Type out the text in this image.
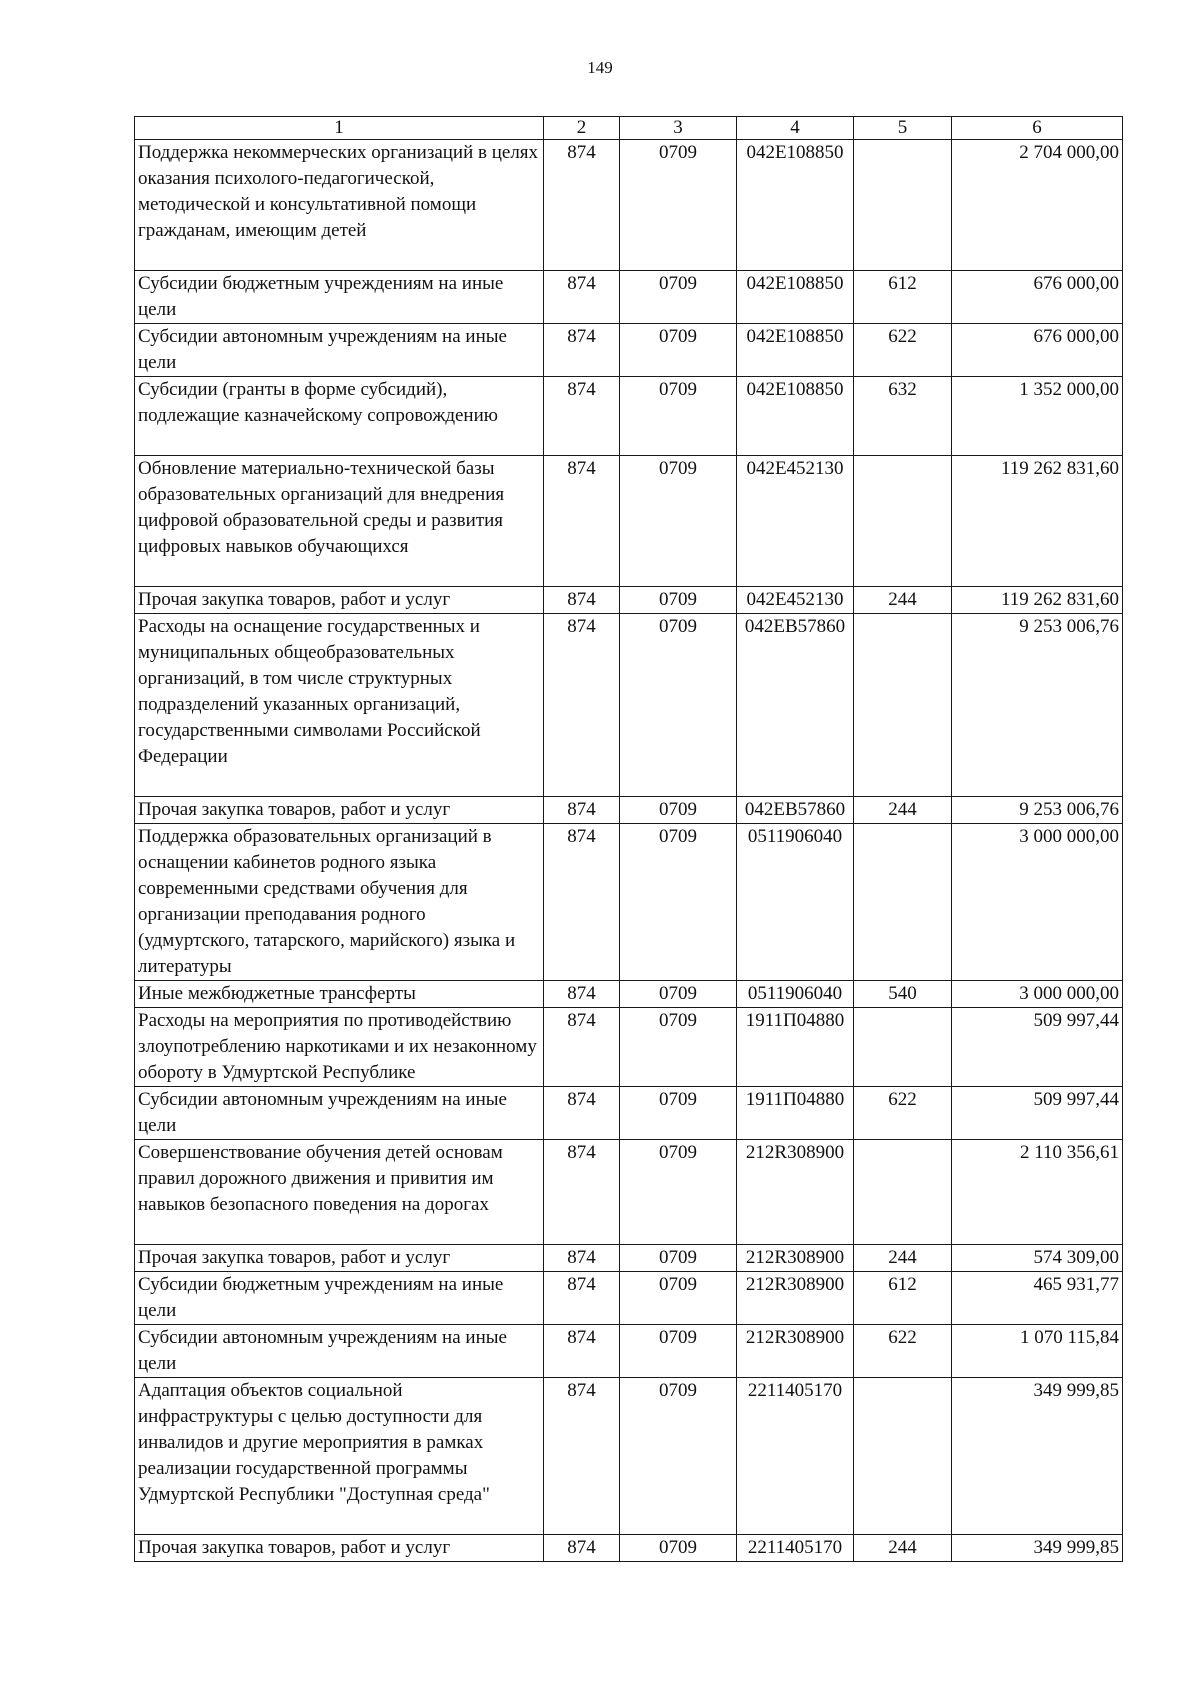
149
1	2	3	4	5	6
Поддержка некоммерческих организаций в целях оказания психолого-педагогической, методической и консультативной помощи гражданам, имеющим детей	874	0709	042Е108850		2 704 000,00
Субсидии бюджетным учреждениям на иные цели	874	0709	042Е108850	612	676 000,00
Субсидии автономным учреждениям на иные цели	874	0709	042Е108850	622	676 000,00
Субсидии (гранты в форме субсидий), подлежащие казначейскому сопровождению	874	0709	042Е108850	632	1 352 000,00
Обновление материально-технической базы образовательных организаций для внедрения цифровой образовательной среды и развития цифровых навыков обучающихся	874	0709	042Е452130		119 262 831,60
Прочая закупка товаров, работ и услуг	874	0709	042Е452130	244	119 262 831,60
Расходы на оснащение государственных и муниципальных общеобразовательных организаций, в том числе структурных подразделений указанных организаций, государственными символами Российской Федерации	874	0709	042ЕВ57860		9 253 006,76
Прочая закупка товаров, работ и услуг	874	0709	042ЕВ57860	244	9 253 006,76
Поддержка образовательных организаций в оснащении кабинетов родного языка современными средствами обучения для организации преподавания родного (удмуртского, татарского, марийского) языка и литературы	874	0709	0511906040		3 000 000,00
Иные межбюджетные трансферты	874	0709	0511906040	540	3 000 000,00
Расходы на мероприятия по противодействию злоупотреблению наркотиками и их незаконному обороту в Удмуртской Республике	874	0709	1911П04880		509 997,44
Субсидии автономным учреждениям на иные цели	874	0709	1911П04880	622	509 997,44
Совершенствование обучения детей основам правил дорожного движения и привития им навыков безопасного поведения на дорогах	874	0709	212R308900		2 110 356,61
Прочая закупка товаров, работ и услуг	874	0709	212R308900	244	574 309,00
Субсидии бюджетным учреждениям на иные цели	874	0709	212R308900	612	465 931,77
Субсидии автономным учреждениям на иные цели	874	0709	212R308900	622	1 070 115,84
Адаптация объектов социальной инфраструктуры с целью доступности для инвалидов и другие мероприятия в рамках реализации государственной программы Удмуртской Республики "Доступная среда"	874	0709	2211405170		349 999,85
Прочая закупка товаров, работ и услуг	874	0709	2211405170	244	349 999,85
